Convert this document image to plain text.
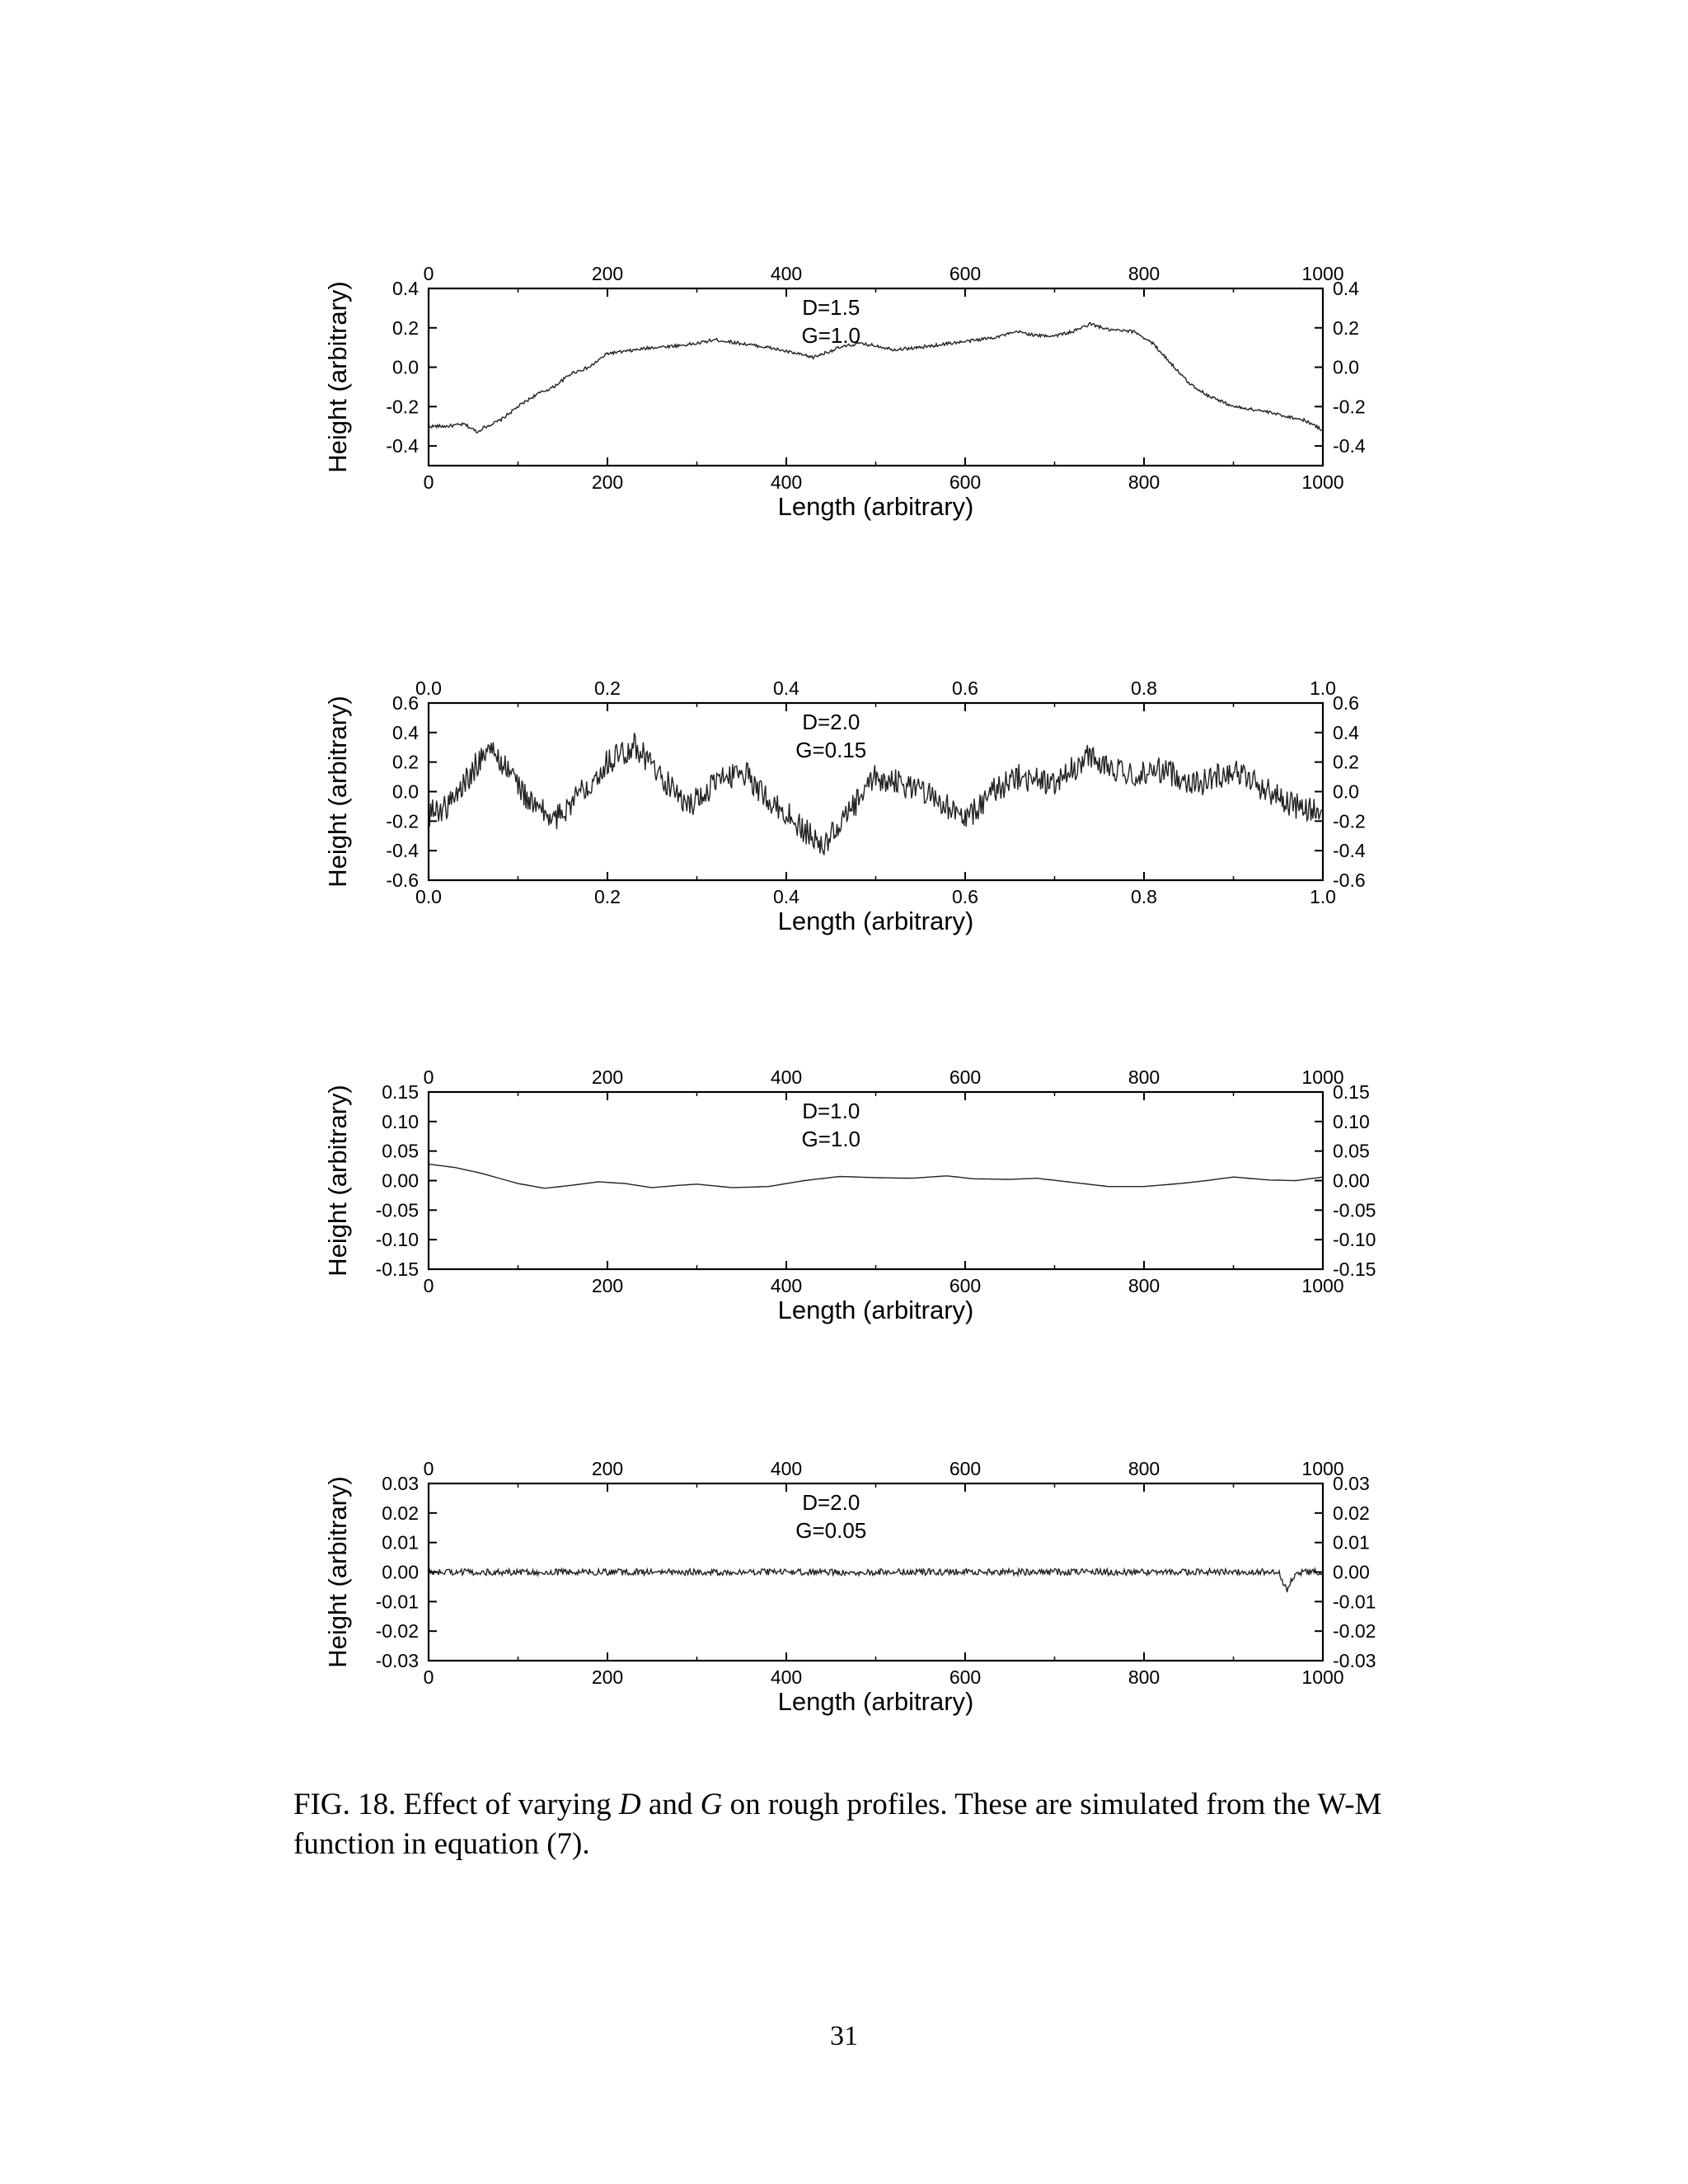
0
0
200
200
400
400
600
600
800
800
1000
1000
0.4	0.4
0.2	0.2
0.0	0.0
-0.2	-0.2
-0.4	-0.4
Length (arbitrary)
Height (arbitrary)	D=1.5
G=1.0
0.0
0.0
0.2
0.2
0.4
0.4
0.6
0.6
0.8
0.8
1.0
1.0
0.6	0.6
0.4	0.4
0.2	0.2
0.0	0.0
-0.2	-0.2
-0.4	-0.4
-0.6	-0.6
Length (arbitrary)
Height (arbitrary)	D=2.0
G=0.15
0
0
200
200
400
400
600
600
800
800
1000
1000
0.15	0.15
0.10	0.10
0.05	0.05
0.00	0.00
-0.05	-0.05
-0.10	-0.10
-0.15	-0.15
Length (arbitrary)
Height (arbitrary)	D=1.0
G=1.0
0
0
200
200
400
400
600
600
800
800
1000
1000
0.03	0.03
0.02	0.02
0.01	0.01
0.00	0.00
-0.01	-0.01
-0.02	-0.02
-0.03	-0.03
Length (arbitrary)
Height (arbitrary)	D=2.0
G=0.05
FIG. 18. Effect of varying D and G on rough profiles. These are simulated from the W-M function in equation (7).
31
